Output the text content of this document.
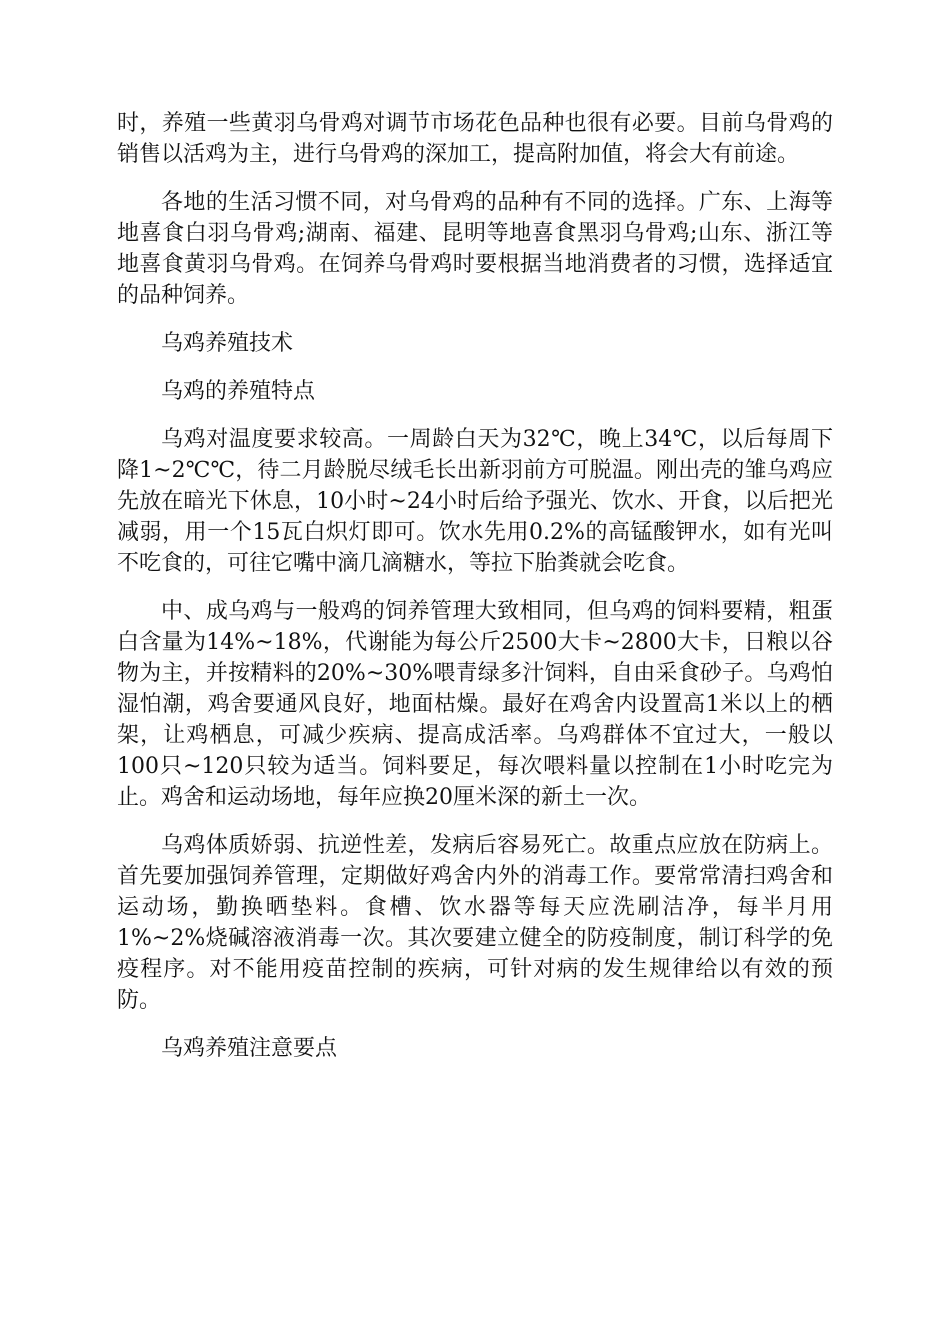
时，养殖一些黄羽乌骨鸡对调节市场花色品种也很有必要。目前乌骨鸡的销售以活鸡为主，进行乌骨鸡的深加工，提高附加值，将会大有前途。

各地的生活习惯不同，对乌骨鸡的品种有不同的选择。广东、上海等地喜食白羽乌骨鸡;湖南、福建、昆明等地喜食黑羽乌骨鸡;山东、浙江等地喜食黄羽乌骨鸡。在饲养乌骨鸡时要根据当地消费者的习惯，选择适宜的品种饲养。

乌鸡养殖技术

乌鸡的养殖特点

乌鸡对温度要求较高。一周龄白天为32℃，晚上34℃，以后每周下降1~2℃℃，待二月龄脱尽绒毛长出新羽前方可脱温。刚出壳的雏乌鸡应先放在暗光下休息，10小时~24小时后给予强光、饮水、开食，以后把光减弱，用一个15瓦白炽灯即可。饮水先用0.2%的高锰酸钾水，如有光叫不吃食的，可往它嘴中滴几滴糖水，等拉下胎粪就会吃食。

中、成乌鸡与一般鸡的饲养管理大致相同，但乌鸡的饲料要精，粗蛋白含量为14%~18%，代谢能为每公斤2500大卡~2800大卡，日粮以谷物为主，并按精料的20%~30%喂青绿多汁饲料，自由采食砂子。乌鸡怕湿怕潮，鸡舍要通风良好，地面枯燥。最好在鸡舍内设置高1米以上的栖架，让鸡栖息，可减少疾病、提高成活率。乌鸡群体不宜过大，一般以100只~120只较为适当。饲料要足，每次喂料量以控制在1小时吃完为止。鸡舍和运动场地，每年应换20厘米深的新土一次。

乌鸡体质娇弱、抗逆性差，发病后容易死亡。故重点应放在防病上。首先要加强饲养管理，定期做好鸡舍内外的消毒工作。要常常清扫鸡舍和运动场，勤换晒垫料。食槽、饮水器等每天应洗刷洁净，每半月用1%~2%烧碱溶液消毒一次。其次要建立健全的防疫制度，制订科学的免疫程序。对不能用疫苗控制的疾病，可针对病的发生规律给以有效的预防。

乌鸡养殖注意要点
